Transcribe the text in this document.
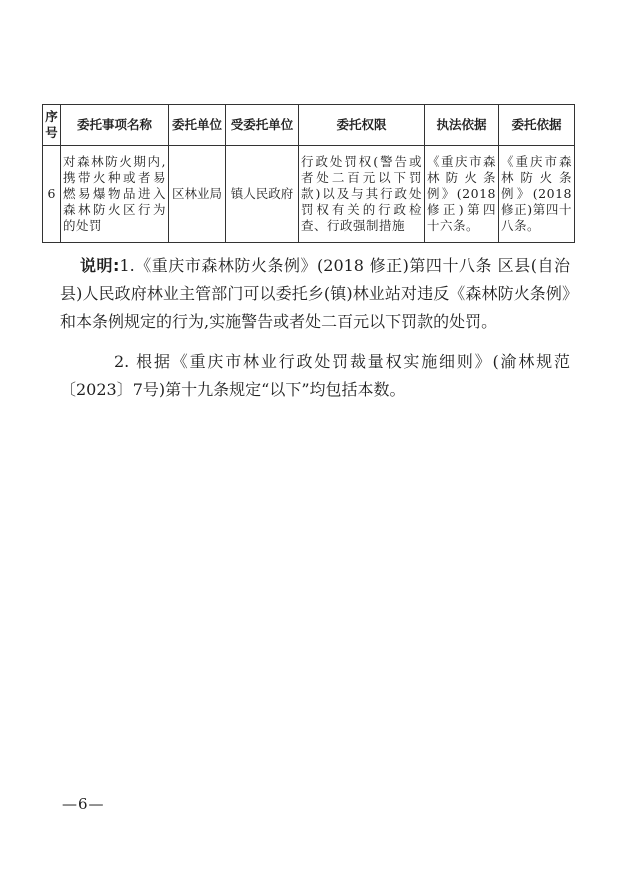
序号	委托事项名称	委托单位	受委托单位	委托权限	执法依据	委托依据
6	对森林防火期内,携带火种或者易燃易爆物品进入森林防火区行为的处罚	区林业局	镇人民政府	行政处罚权(警告或者处二百元以下罚款)以及与其行政处罚权有关的行政检查、行政强制措施	《重庆市森林防火条例》(2018修正)第四十六条。	《重庆市森林防火条例》(2018修正)第四十八条。

说明:1.《重庆市森林防火条例》(2018 修正)第四十八条 区县(自治县)人民政府林业主管部门可以委托乡(镇)林业站对违反《森林防火条例》和本条例规定的行为,实施警告或者处二百元以下罚款的处罚。

2. 根据《重庆市林业行政处罚裁量权实施细则》(渝林规范〔2023〕7号)第十九条规定“以下”均包括本数。

—6—
